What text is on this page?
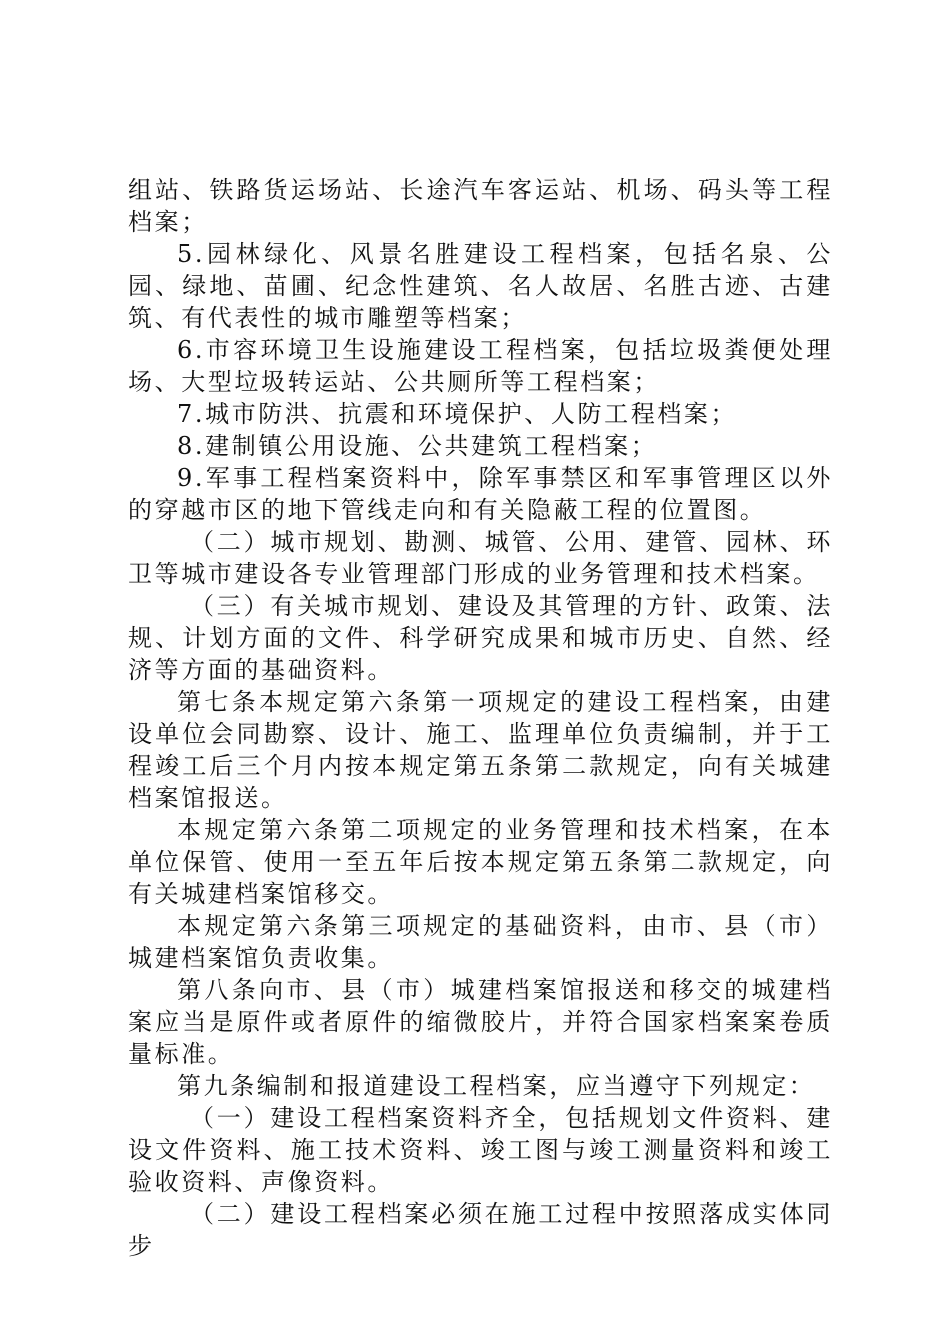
组站、铁路货运场站、长途汽车客运站、机场、码头等工程档案；

5.园林绿化、风景名胜建设工程档案，包括名泉、公园、绿地、苗圃、纪念性建筑、名人故居、名胜古迹、古建筑、有代表性的城市雕塑等档案；

6.市容环境卫生设施建设工程档案，包括垃圾粪便处理场、大型垃圾转运站、公共厕所等工程档案；

7.城市防洪、抗震和环境保护、人防工程档案；

8.建制镇公用设施、公共建筑工程档案；

9.军事工程档案资料中，除军事禁区和军事管理区以外的穿越市区的地下管线走向和有关隐蔽工程的位置图。

（二）城市规划、勘测、城管、公用、建管、园林、环卫等城市建设各专业管理部门形成的业务管理和技术档案。

（三）有关城市规划、建设及其管理的方针、政策、法规、计划方面的文件、科学研究成果和城市历史、自然、经济等方面的基础资料。

第七条本规定第六条第一项规定的建设工程档案，由建设单位会同勘察、设计、施工、监理单位负责编制，并于工程竣工后三个月内按本规定第五条第二款规定，向有关城建档案馆报送。

本规定第六条第二项规定的业务管理和技术档案，在本单位保管、使用一至五年后按本规定第五条第二款规定，向有关城建档案馆移交。

本规定第六条第三项规定的基础资料，由市、县（市）城建档案馆负责收集。

第八条向市、县（市）城建档案馆报送和移交的城建档案应当是原件或者原件的缩微胶片，并符合国家档案案卷质量标准。

第九条编制和报道建设工程档案，应当遵守下列规定：

（一）建设工程档案资料齐全，包括规划文件资料、建设文件资料、施工技术资料、竣工图与竣工测量资料和竣工验收资料、声像资料。

（二）建设工程档案必须在施工过程中按照落成实体同步
